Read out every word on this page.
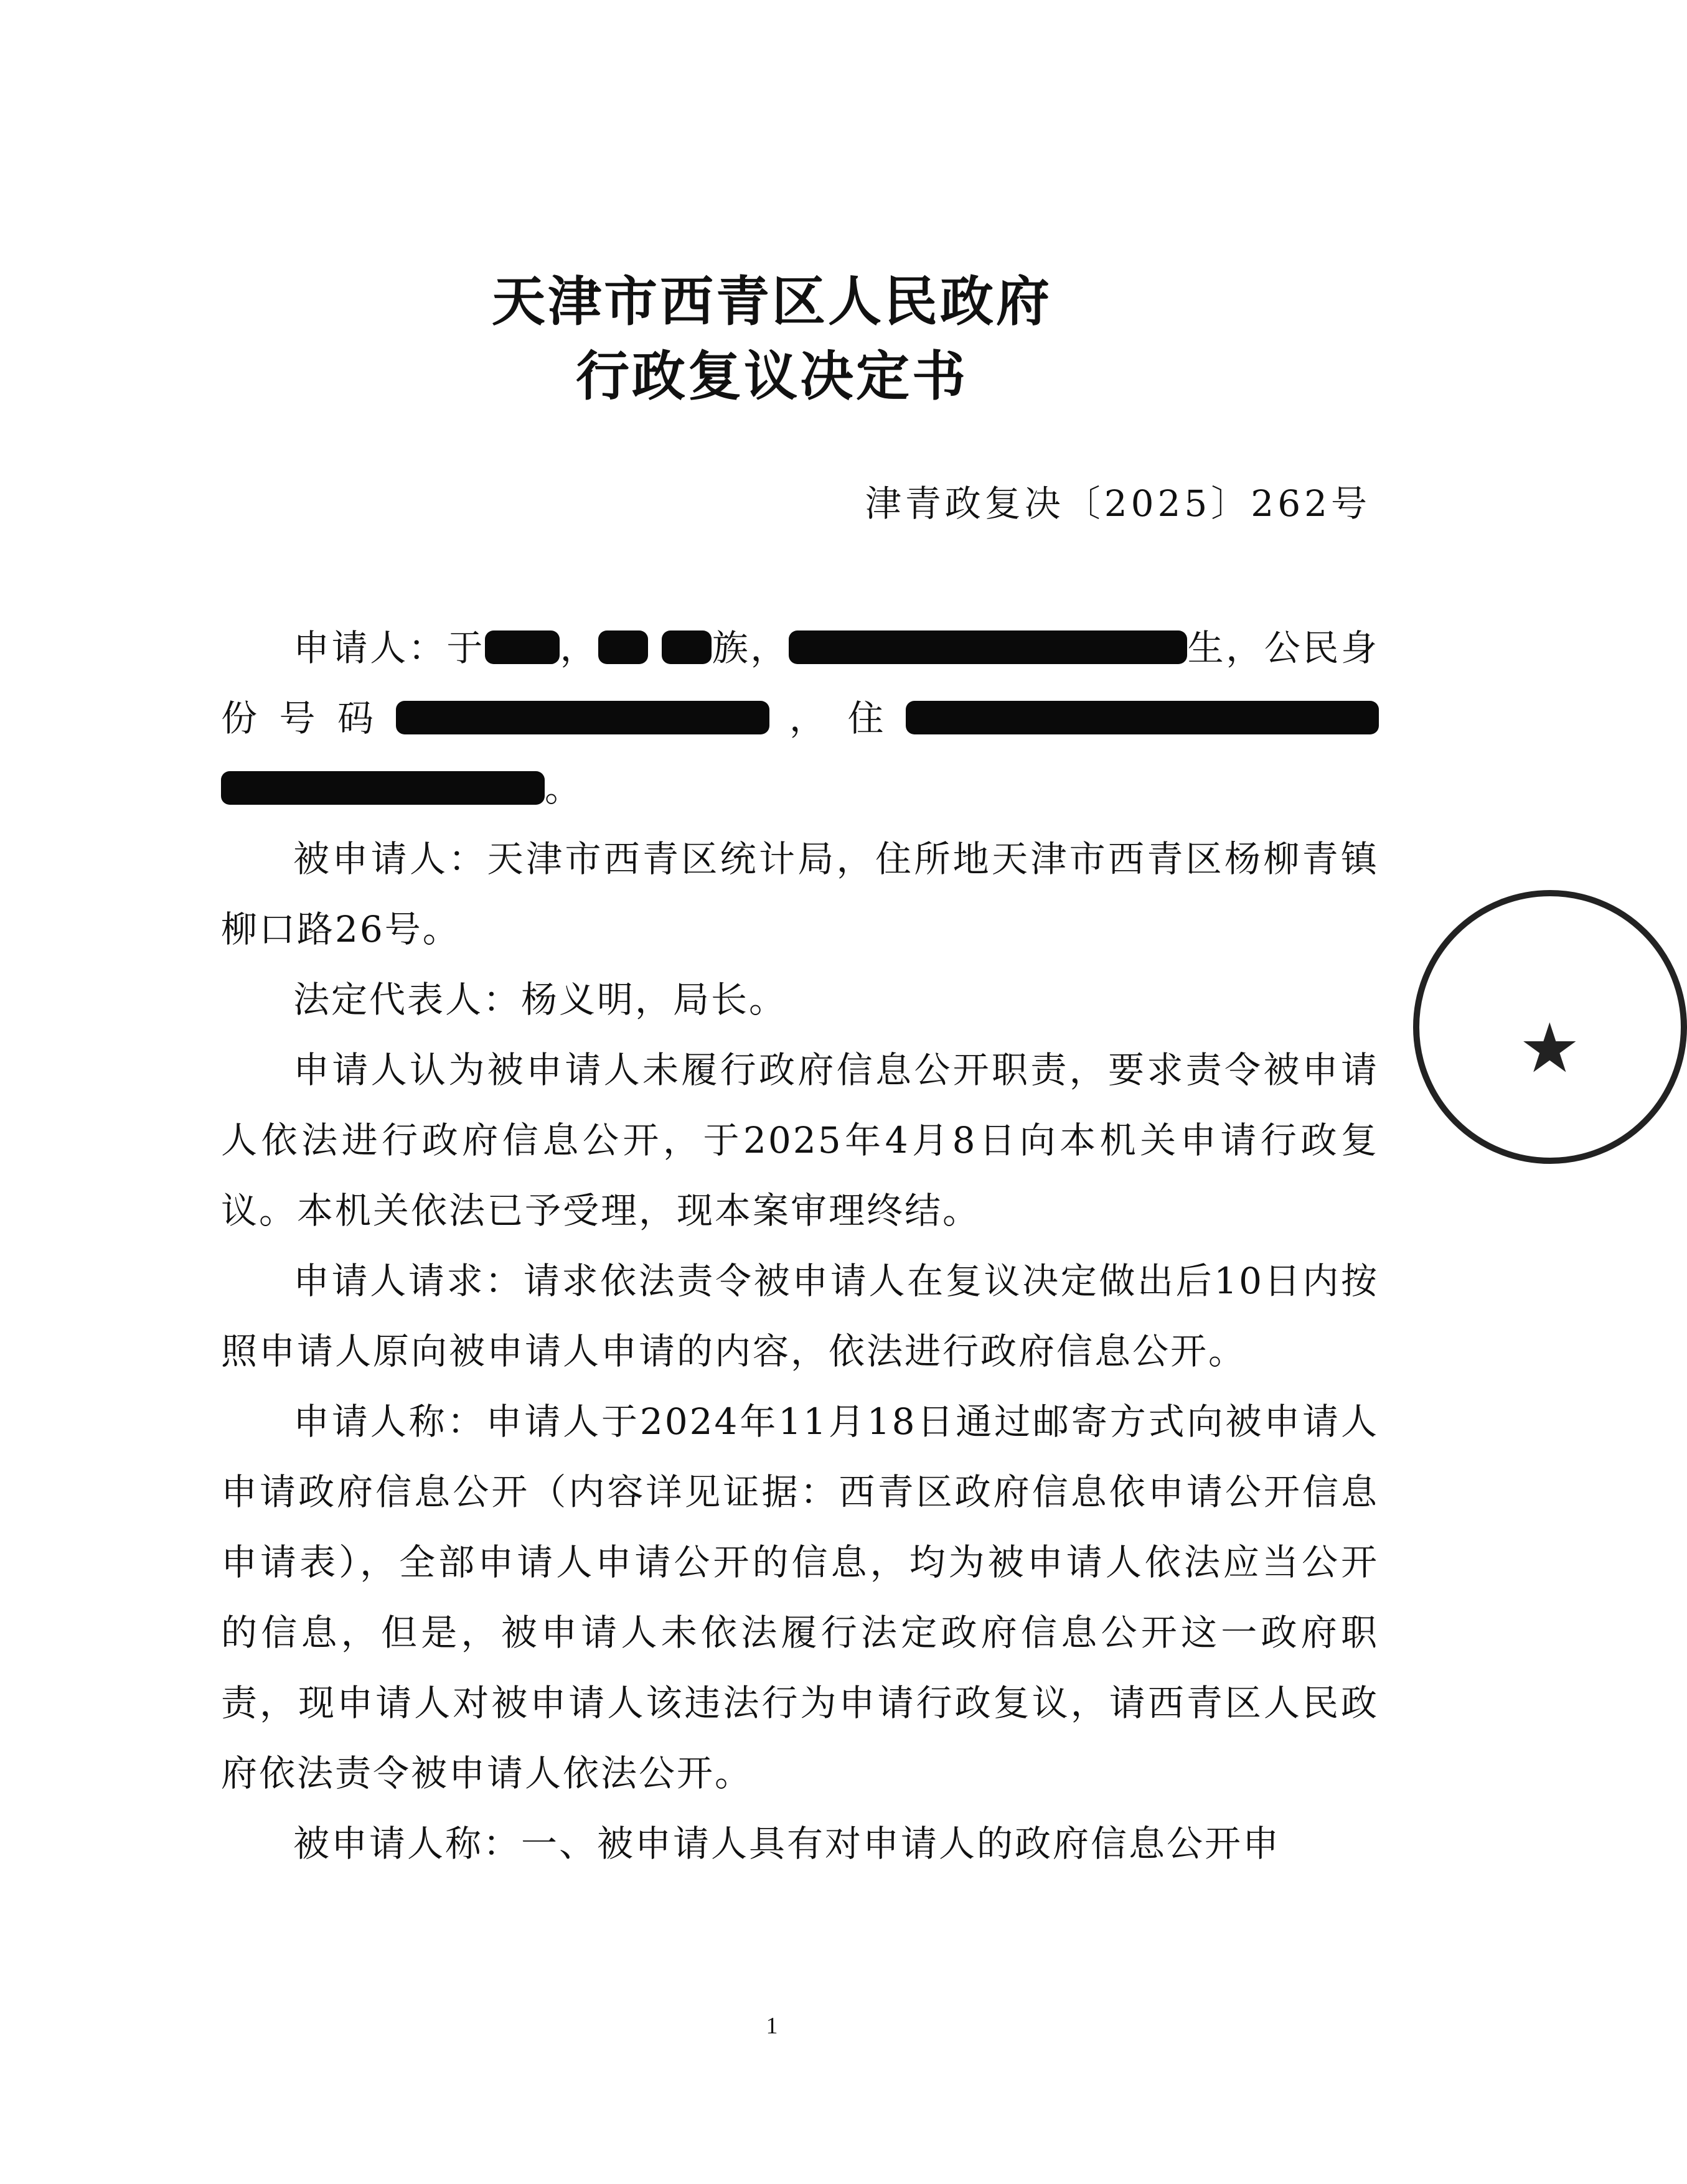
天津市西青区人民政府
行政复议决定书
津青政复决〔2025〕262号

申请人：于 ，	族，	生，公民身份号码	，住。

被申请人：天津市西青区统计局，住所地天津市西青区杨柳青镇柳口路26号。

法定代表人：杨义明，局长。

申请人认为被申请人未履行政府信息公开职责，要求责令被申请人依法进行政府信息公开，于2025年4月8日向本机关申请行政复议。本机关依法已予受理，现本案审理终结。

申请人请求：请求依法责令被申请人在复议决定做出后10日内按照申请人原向被申请人申请的内容，依法进行政府信息公开。

申请人称：申请人于2024年11月18日通过邮寄方式向被申请人申请政府信息公开（内容详见证据：西青区政府信息依申请公开信息申请表），全部申请人申请公开的信息，均为被申请人依法应当公开的信息，但是，被申请人未依法履行法定政府信息公开这一政府职责，现申请人对被申请人该违法行为申请行政复议，请西青区人民政府依法责令被申请人依法公开。

被申请人称：一、被申请人具有对申请人的政府信息公开申

1
★
